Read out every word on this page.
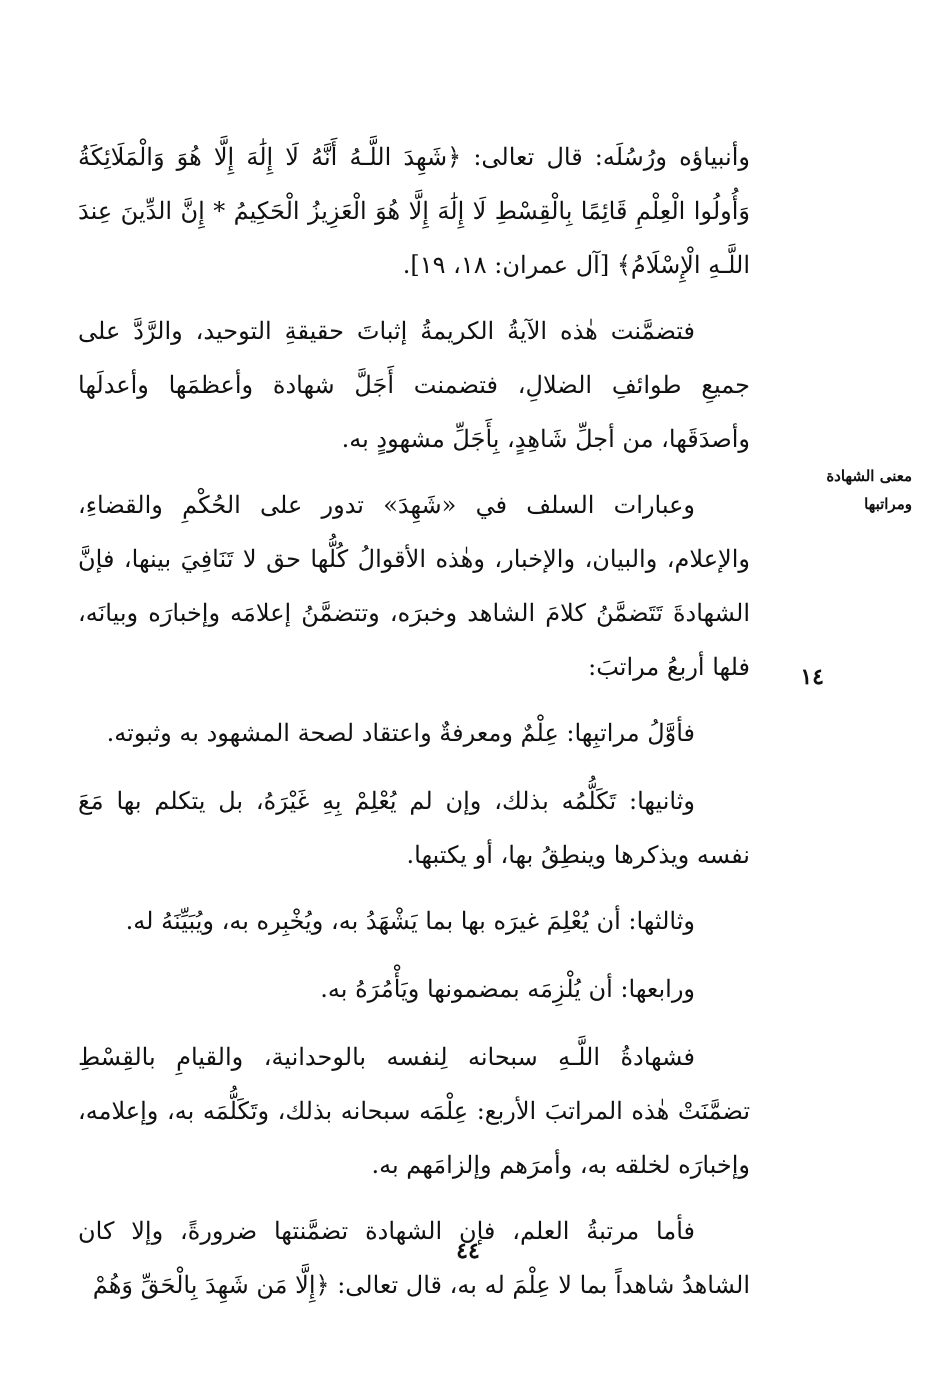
وأنبياؤه ورُسُلَه: قال تعالى: ﴿شَهِدَ اللَّـهُ أَنَّهُ لَا إِلَٰهَ إِلَّا هُوَ وَالْمَلَائِكَةُ وَأُولُوا الْعِلْمِ قَائِمًا بِالْقِسْطِ لَا إِلَٰهَ إِلَّا هُوَ الْعَزِيزُ الْحَكِيمُ * إِنَّ الدِّينَ عِندَ اللَّـهِ الْإِسْلَامُ﴾ [آل عمران: ١٨، ١٩].

فتضمَّنت هٰذه الآيةُ الكريمةُ إثباتَ حقيقةِ التوحيد، والرَّدَّ على جميعِ طوائفِ الضلالِ، فتضمنت أَجَلَّ شهادة وأعظمَها وأعدلَها وأصدَقَها، من أجلِّ شَاهِدٍ، بِأَجَلِّ مشهودٍ به.

وعبارات السلف في «شَهِدَ» تدور على الحُكْمِ والقضاءِ، والإعلام، والبيان، والإخبار، وهٰذه الأقوالُ كُلُّها حق لا تَنَافِيَ بينها، فإنَّ الشهادةَ تَتَضمَّنُ كلامَ الشاهد وخبرَه، وتتضمَّنُ إعلامَه وإخبارَه وبيانَه، فلها أربعُ مراتبَ:

فأوَّلُ مراتبِها: عِلْمٌ ومعرفةٌ واعتقاد لصحة المشهود به وثبوته.

وثانيها: تَكَلُّمُه بذلك، وإن لم يُعْلِمْ بِهِ غَيْرَهُ، بل يتكلم بها مَعَ نفسه ويذكرها وينطِقُ بها، أو يكتبها.

وثالثها: أن يُعْلِمَ غيرَه بها بما يَشْهَدُ به، ويُخْبِره به، ويُبَيِّنَهُ له.

ورابعها: أن يُلْزِمَه بمضمونها ويَأْمُرَهُ به.

فشهادةُ اللَّـهِ سبحانه لِنفسه بالوحدانية، والقيامِ بالقِسْطِ تضمَّنَتْ هٰذه المراتبَ الأربع: عِلْمَه سبحانه بذلك، وتَكَلُّمَه به، وإعلامه، وإخبارَه لخلقه به، وأمرَهم وإلزامَهم به.

فأما مرتبةُ العلم، فإن الشهادة تضمَّنتها ضرورةً، وإلا كان الشاهدُ شاهداً بما لا عِلْمَ له به، قال تعالى: ﴿إِلَّا مَن شَهِدَ بِالْحَقِّ وَهُمْ

معنى الشهادة ومراتبها
١٤
٤٤
